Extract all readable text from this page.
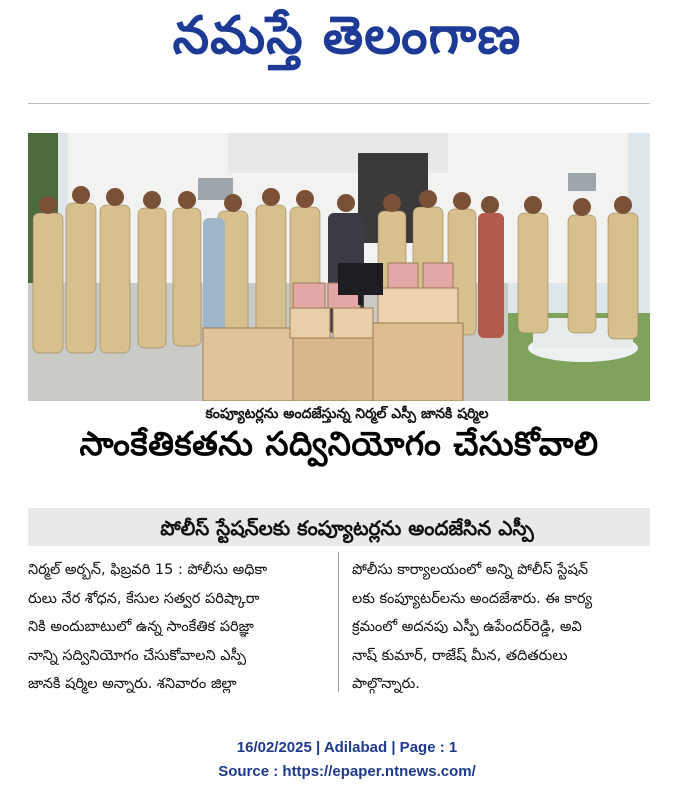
నమస్తే తెలంగాణ
కంప్యూటర్లను అందజేస్తున్న నిర్మల్ ఎస్పీ జానకి షర్మిల
సాంకేతికతను సద్వినియోగం చేసుకోవాలి
పోలీస్ స్టేషన్‌లకు కంప్యూటర్లను అందజేసిన ఎస్పీ
నిర్మల్ అర్బన్, ఫిబ్రవరి 15 : పోలీసు అధికా
రులు నేర శోధన, కేసుల సత్వర పరిష్కారా
నికి అందుబాటులో ఉన్న సాంకేతిక పరిజ్ఞా
నాన్ని సద్వినియోగం చేసుకోవాలని ఎస్పీ
జానకి షర్మిల అన్నారు. శనివారం జిల్లా
పోలీసు కార్యాలయంలో అన్ని పోలీస్ స్టేషన్
లకు కంప్యూటర్‌లను అందజేశారు. ఈ కార్య
క్రమంలో అదనపు ఎస్పీ ఉపేందర్‌రెడ్డి, అవి
నాష్ కుమార్, రాజేష్ మీన, తదితరులు
పాల్గొన్నారు.
16/02/2025 | Adilabad | Page : 1
Source : https://epaper.ntnews.com/
